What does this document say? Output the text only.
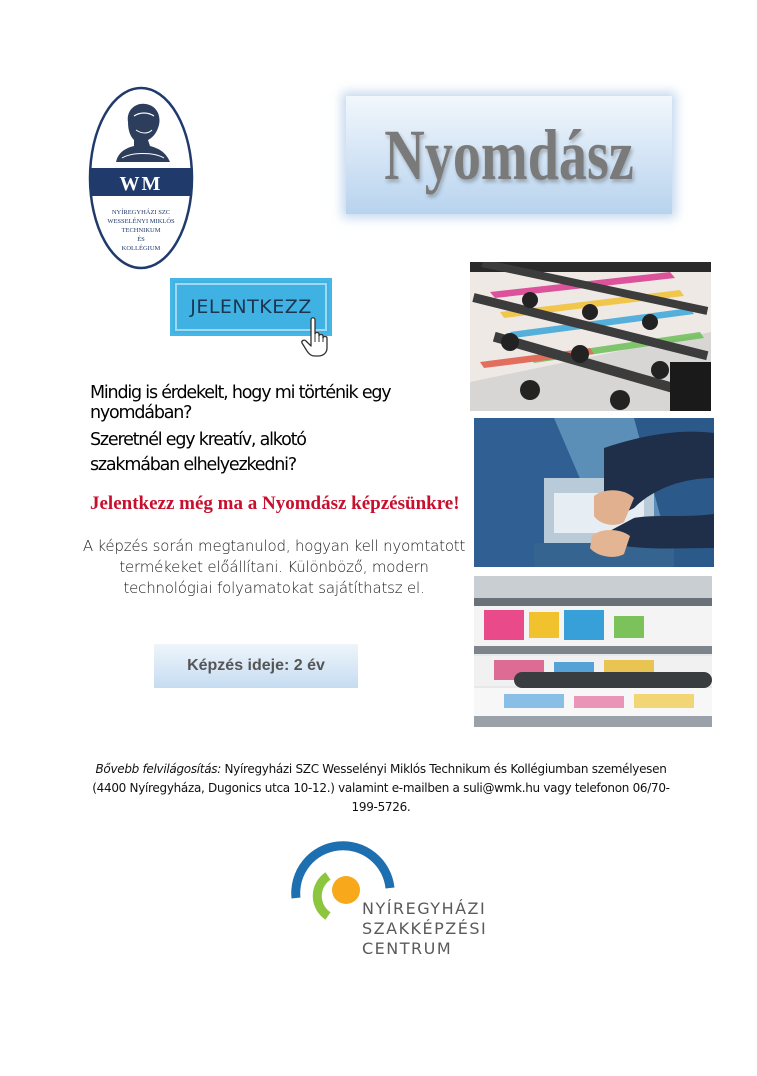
WM
NYÍREGYHÁZI SZC
WESSELÉNYI MIKLÓS
TECHNIKUM
ÉS
KOLLÉGIUM
Nyomdász
JELENTKEZZ
Mindig is érdekelt, hogy mi történik egy nyomdában?
Szeretnél egy kreatív, alkotó szakmában elhelyezkedni?
Jelentkezz még ma a Nyomdász képzésünkre!
A képzés során megtanulod, hogyan kell nyomtatott termékeket előállítani. Különböző, modern technológiai folyamatokat sajátíthatsz el.
Képzés ideje: 2 év
Bővebb felvilágosítás: Nyíregyházi SZC Wesselényi Miklós Technikum és Kollégiumban személyesen (4400 Nyíregyháza, Dugonics utca 10-12.) valamint e-mailben a suli@wmk.hu vagy telefonon 06/70-199-5726.
NYÍREGYHÁZI
SZAKKÉPZÉSI
CENTRUM
